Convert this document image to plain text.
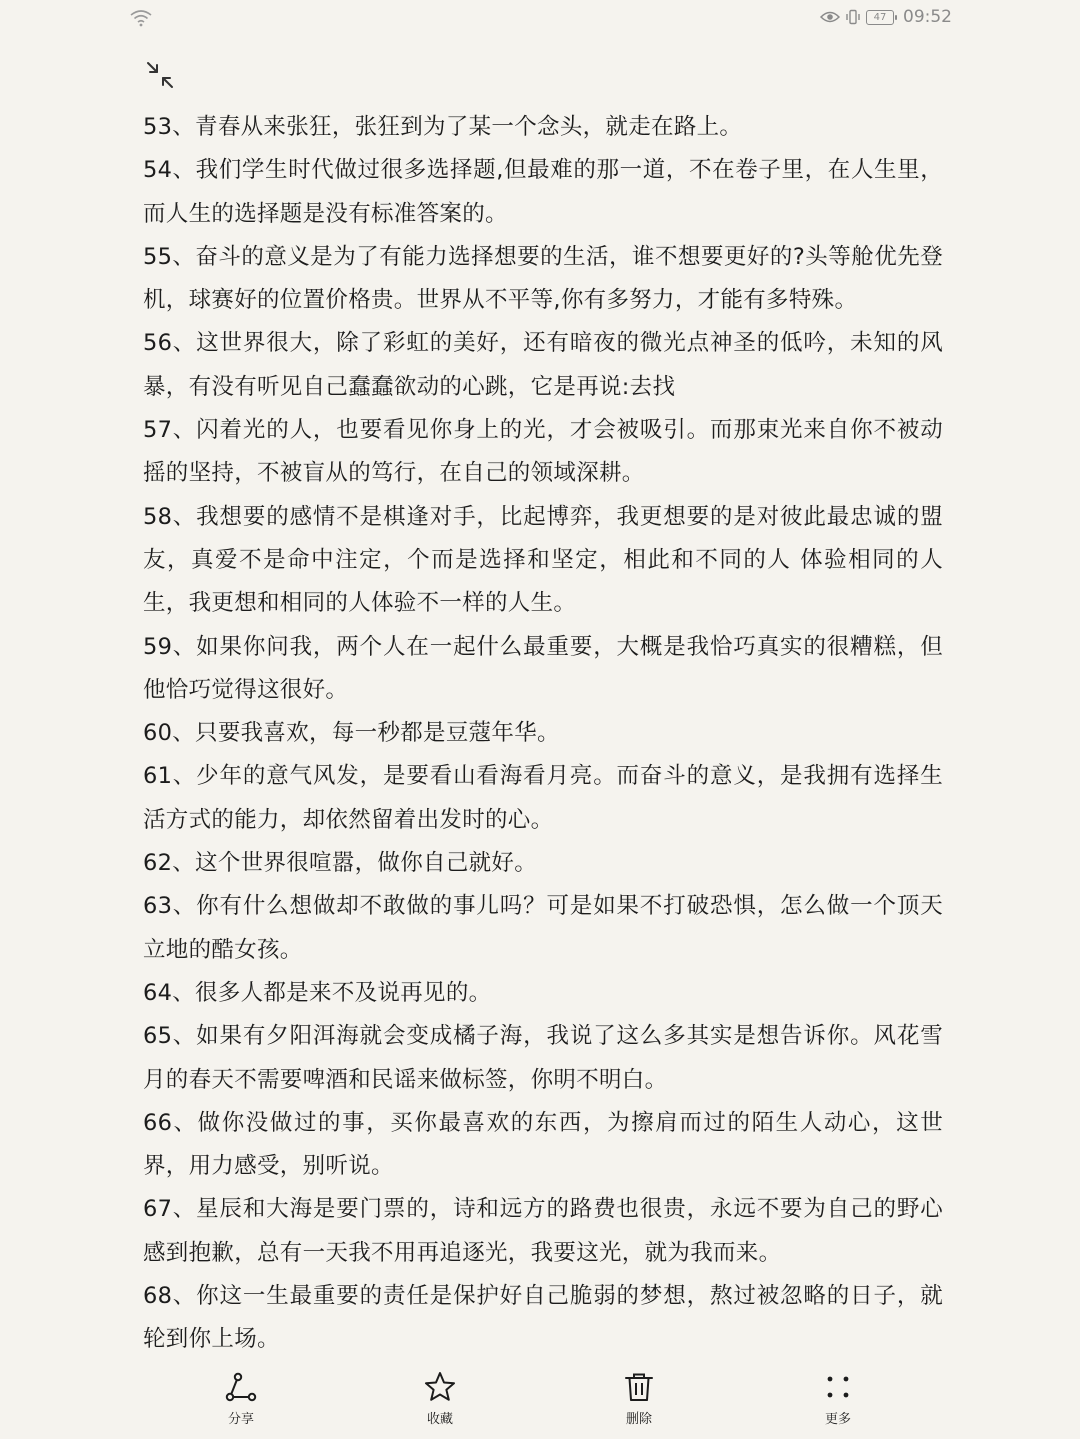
47 09:52

53、青春从来张狂，张狂到为了某一个念头，就走在路上。

54、我们学生时代做过很多选择题,但最难的那一道，不在卷子里，在人生里，而人生的选择题是没有标准答案的。

55、奋斗的意义是为了有能力选择想要的生活，谁不想要更好的?头等舱优先登机，球赛好的位置价格贵。世界从不平等,你有多努力，才能有多特殊。

56、这世界很大，除了彩虹的美好，还有暗夜的微光点神圣的低吟，未知的风暴，有没有听见自己蠢蠢欲动的心跳，它是再说:去找

57、闪着光的人，也要看见你身上的光，才会被吸引。而那束光来自你不被动摇的坚持，不被盲从的笃行，在自己的领域深耕。

58、我想要的感情不是棋逢对手，比起博弈，我更想要的是对彼此最忠诚的盟友，真爱不是命中注定，个而是选择和坚定，相此和不同的人 体验相同的人生，我更想和相同的人体验不一样的人生。

59、如果你问我，两个人在一起什么最重要，大概是我恰巧真实的很糟糕，但他恰巧觉得这很好。

60、只要我喜欢，每一秒都是豆蔻年华。

61、少年的意气风发，是要看山看海看月亮。而奋斗的意义，是我拥有选择生活方式的能力，却依然留着出发时的心。

62、这个世界很喧嚣，做你自己就好。

63、你有什么想做却不敢做的事儿吗？可是如果不打破恐惧，怎么做一个顶天立地的酷女孩。

64、很多人都是来不及说再见的。

65、如果有夕阳洱海就会变成橘子海，我说了这么多其实是想告诉你。风花雪月的春天不需要啤酒和民谣来做标签，你明不明白。

66、做你没做过的事，买你最喜欢的东西，为擦肩而过的陌生人动心，这世界，用力感受，别听说。

67、星辰和大海是要门票的，诗和远方的路费也很贵，永远不要为自己的野心感到抱歉，总有一天我不用再追逐光，我要这光，就为我而来。

68、你这一生最重要的责任是保护好自己脆弱的梦想，熬过被忽略的日子，就轮到你上场。

分享	收藏	删除	更多
